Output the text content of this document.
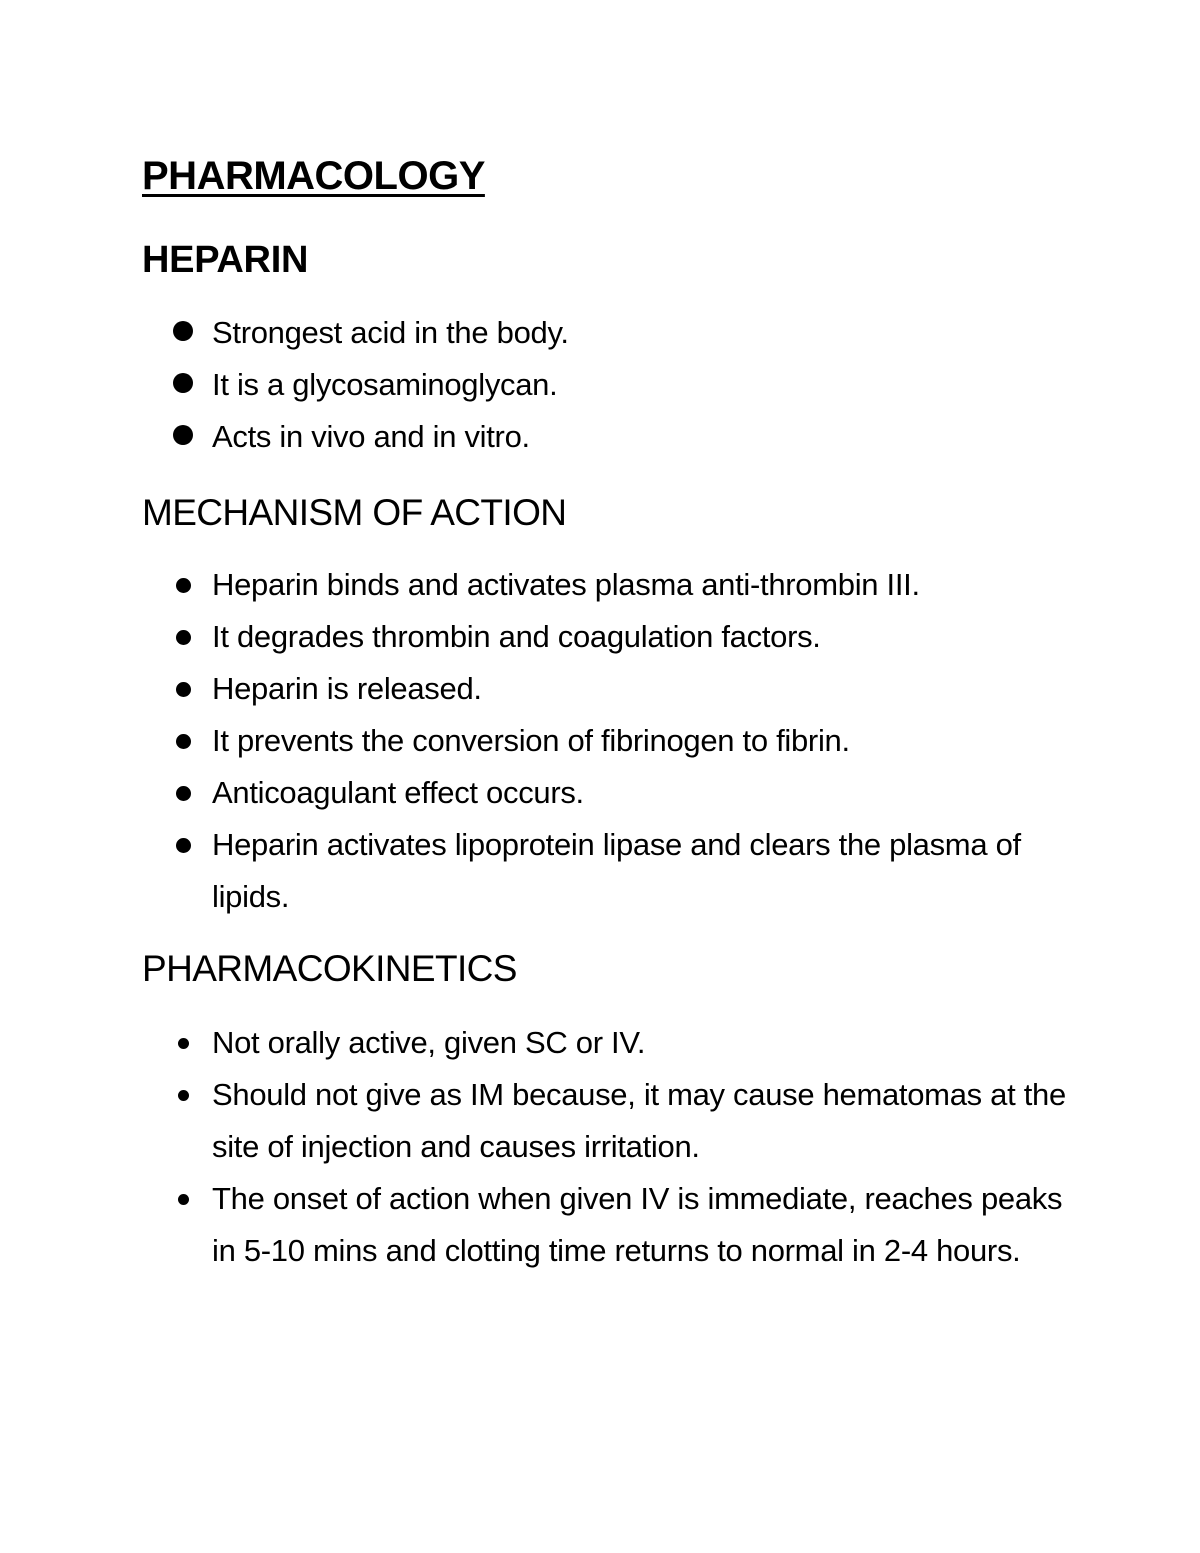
PHARMACOLOGY
HEPARIN
Strongest acid in the body.
It is a glycosaminoglycan.
Acts in vivo and in vitro.
MECHANISM OF ACTION
Heparin binds and activates plasma anti-thrombin III.
It degrades thrombin and coagulation factors.
Heparin is released.
It prevents the conversion of fibrinogen to fibrin.
Anticoagulant effect occurs.
Heparin activates lipoprotein lipase and clears the plasma of lipids.
PHARMACOKINETICS
Not orally active, given SC or IV.
Should not give as IM because, it may cause hematomas at the site of injection and causes irritation.
The onset of action when given IV is immediate, reaches peaks in 5-10 mins and clotting time returns to normal in 2-4 hours.
